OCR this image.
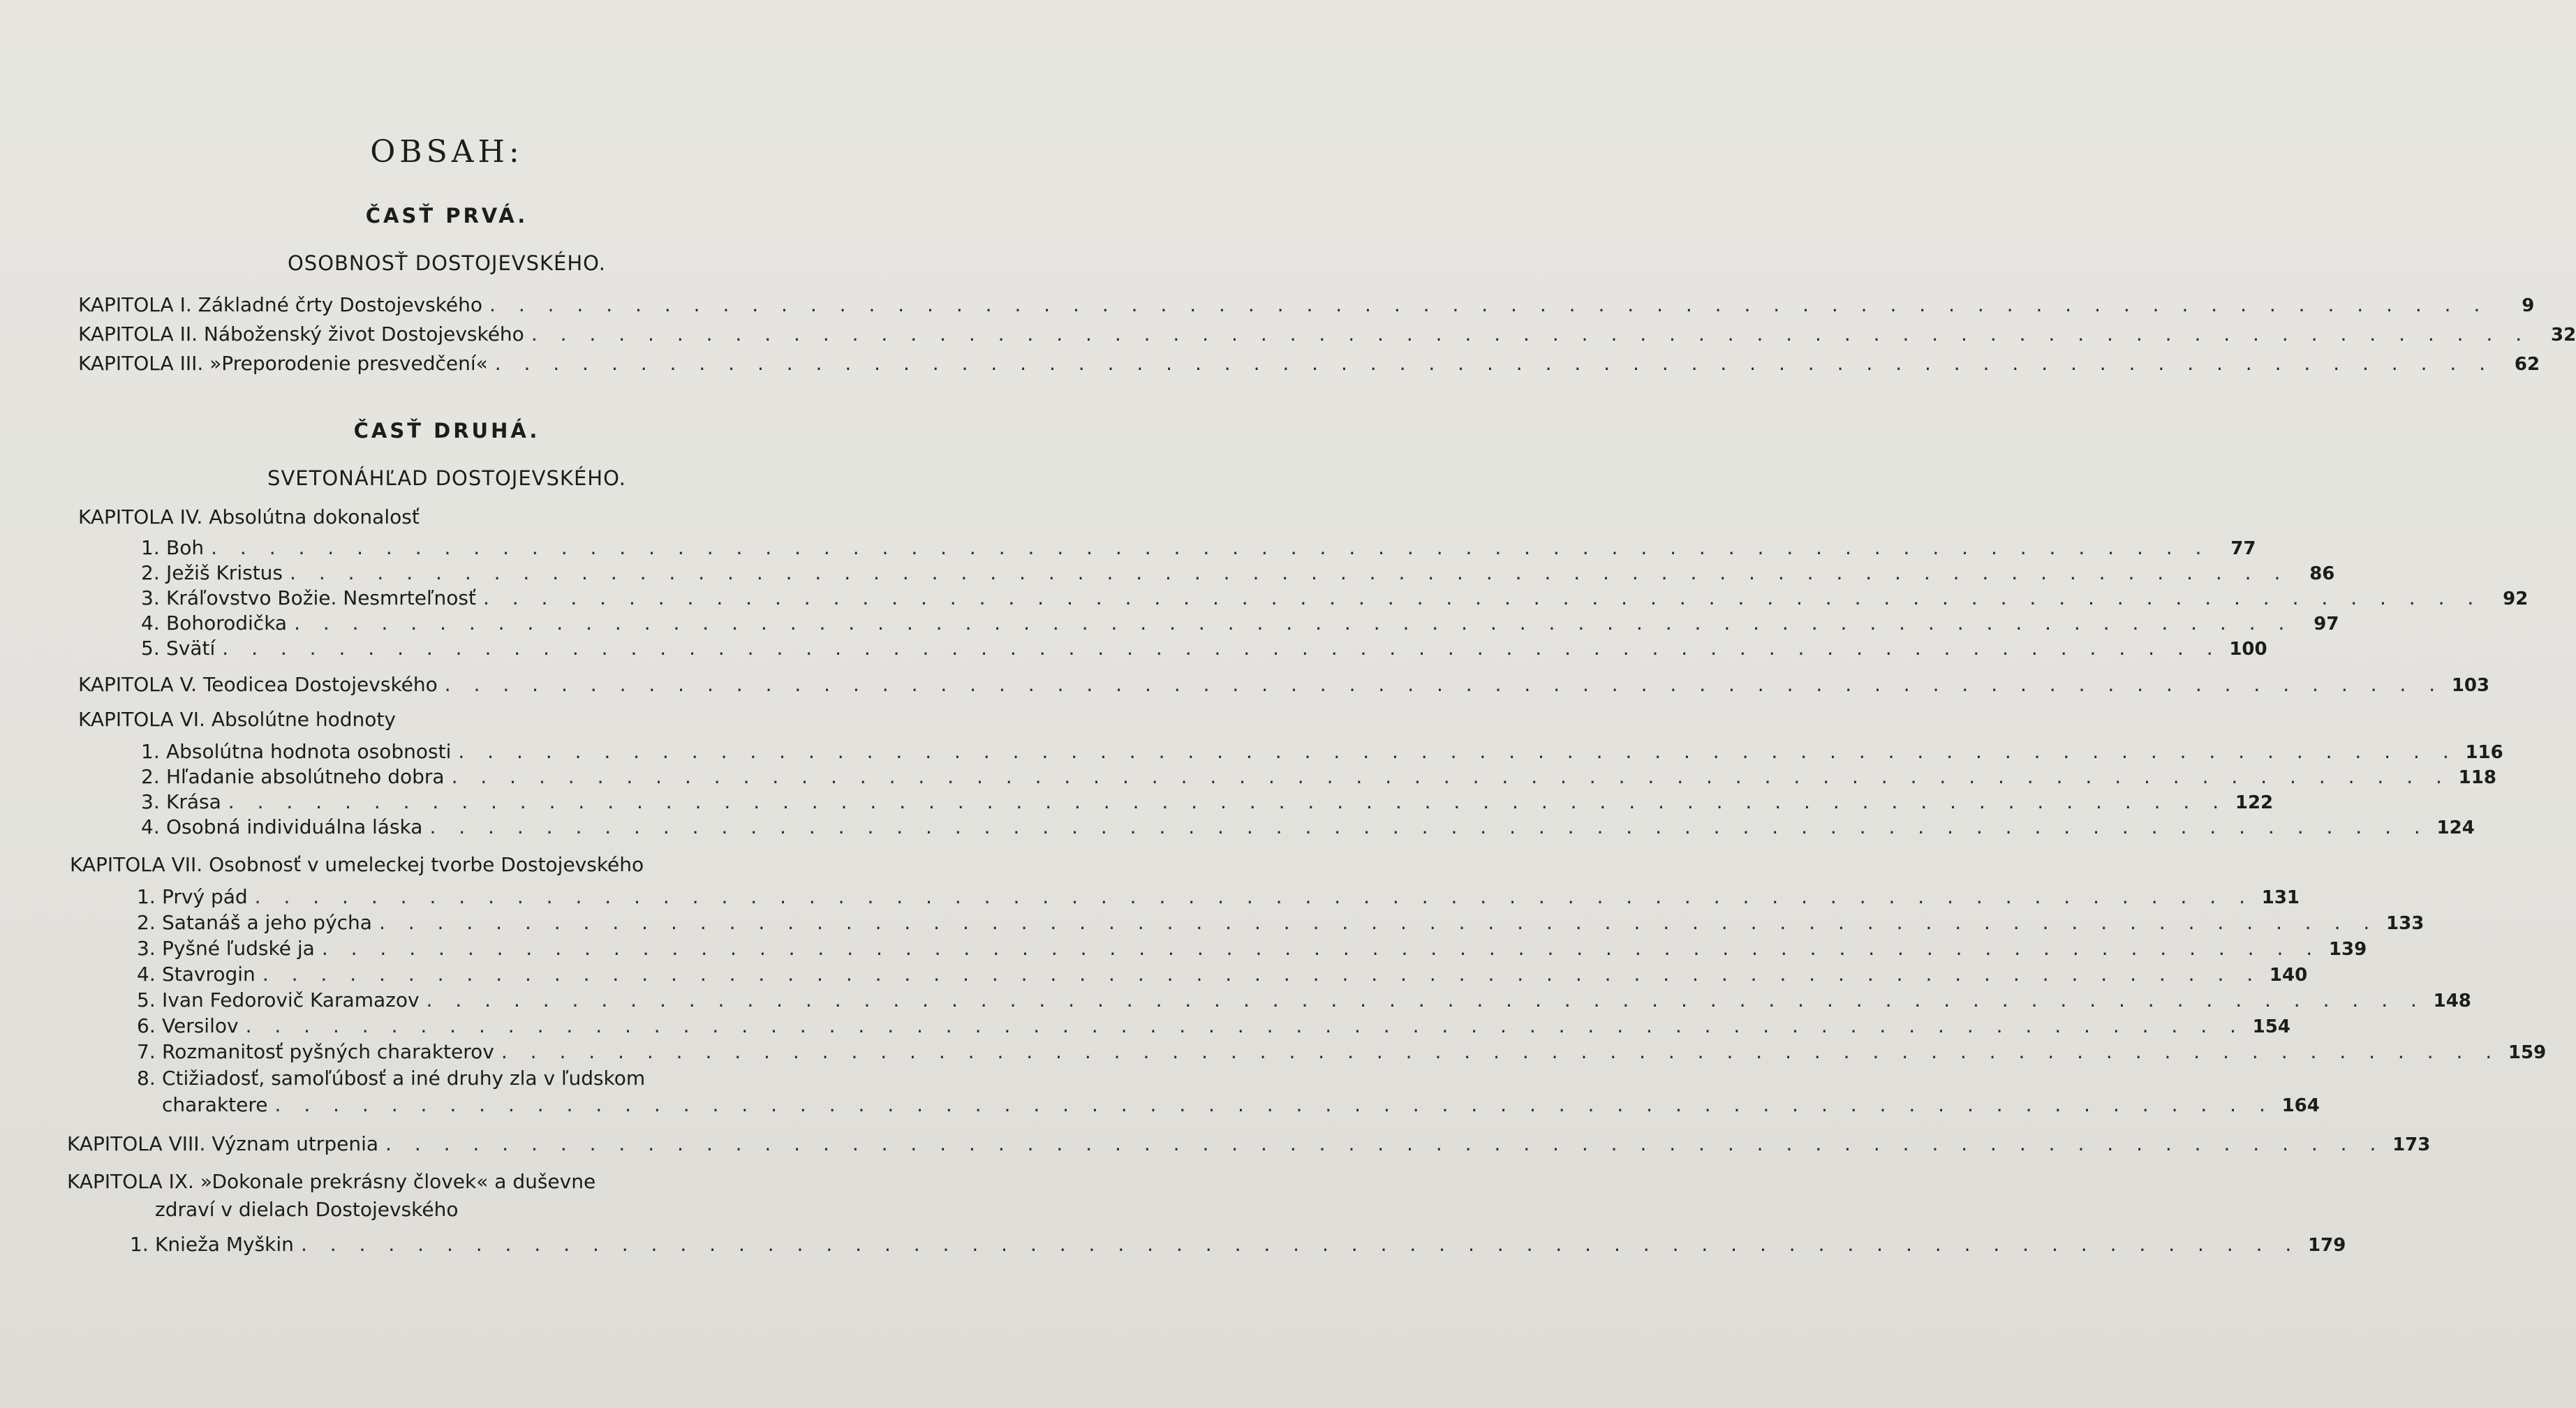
OBSAH:
ČASŤ PRVÁ.
OSOBNOSŤ DOSTOJEVSKÉHO.
KAPITOLA I. Základné črty Dostojevského . . .	9
KAPITOLA II. Náboženský život Dostojevského . . .	32
KAPITOLA III. »Preporodenie presvedčení« . . .	62
ČASŤ DRUHÁ.
SVETONÁHĽAD DOSTOJEVSKÉHO.
KAPITOLA IV. Absolútna dokonalosť
1. Boh . . .	77
2. Ježiš Kristus . . .	86
3. Kráľovstvo Božie. Nesmrteľnosť . . .	92
4. Bohorodička . . .	97
5. Svätí . . .	100
KAPITOLA V. Teodicea Dostojevského . . .	103
KAPITOLA VI. Absolútne hodnoty
1. Absolútna hodnota osobnosti . . .	116
2. Hľadanie absolútneho dobra . . .	118
3. Krása . . .	122
4. Osobná individuálna láska . . .	124
KAPITOLA VII. Osobnosť v umeleckej tvorbe Dostojevského
1. Prvý pád . . .	131
2. Satanáš a jeho pýcha . . .	133
3. Pyšné ľudské ja . . .	139
4. Stavrogin . . .	140
5. Ivan Fedorovič Karamazov . . .	148
6. Versilov . . .	154
7. Rozmanitosť pyšných charakterov . . .	159
8. Ctižiadosť, samoľúbosť a iné druhy zla v ľudskom
charaktere . . .	164
KAPITOLA VIII. Význam utrpenia . . .	173
KAPITOLA IX. »Dokonale prekrásny človek« a duševne
zdraví v dielach Dostojevského
1. Knieža Myškin . . .	179
